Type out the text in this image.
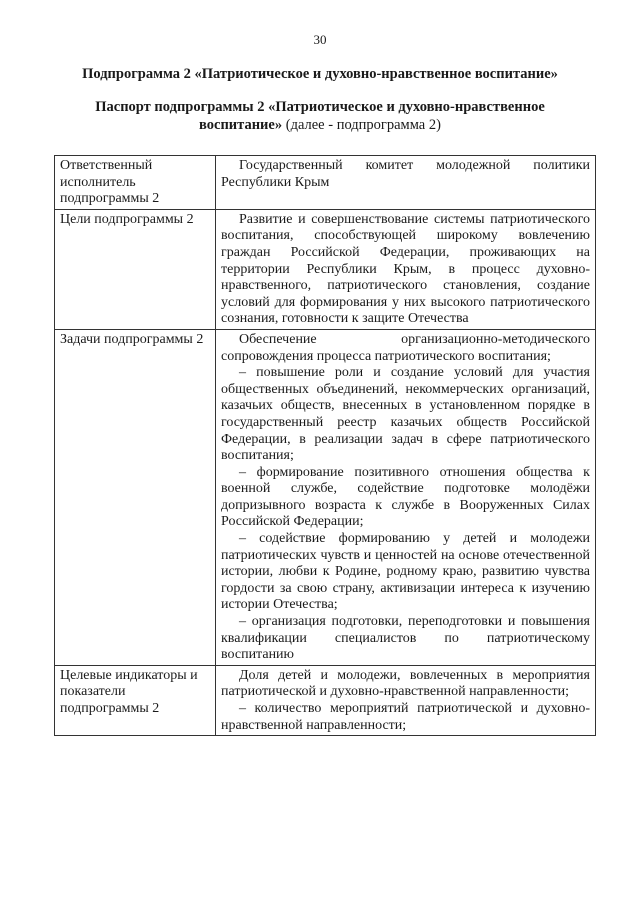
30
Подпрограмма 2 «Патриотическое и духовно-нравственное воспитание»
Паспорт подпрограммы 2 «Патриотическое и духовно-нравственное воспитание» (далее - подпрограмма 2)
Ответственный исполнитель подпрограммы 2	Государственный комитет молодежной политики Республики Крым

Цели подпрограммы 2	Развитие и совершенствование системы патриотического воспитания, способствующей широкому вовлечению граждан Российской Федерации, проживающих на территории Республики Крым, в процесс духовно-нравственного, патриотического становления, создание условий для формирования у них высокого патриотического сознания, готовности к защите Отечества

Задачи подпрограммы 2	Обеспечение организационно-методического сопровождения процесса патриотического воспитания;

– повышение роли и создание условий для участия общественных объединений, некоммерческих организаций, казачьих обществ, внесенных в установленном порядке в государственный реестр казачьих обществ Российской Федерации, в реализации задач в сфере патриотического воспитания;

– формирование позитивного отношения общества к военной службе, содействие подготовке молодёжи допризывного возраста к службе в Вооруженных Силах Российской Федерации;

– содействие формированию у детей и молодежи патриотических чувств и ценностей на основе отечественной истории, любви к Родине, родному краю, развитию чувства гордости за свою страну, активизации интереса к изучению истории Отечества;

– организация подготовки, переподготовки и повышения квалификации специалистов по патриотическому воспитанию

Целевые индикаторы и показатели подпрограммы 2	Доля детей и молодежи, вовлеченных в мероприятия патриотической и духовно-нравственной направленности;

– количество мероприятий патриотической и духовно-нравственной направленности;
